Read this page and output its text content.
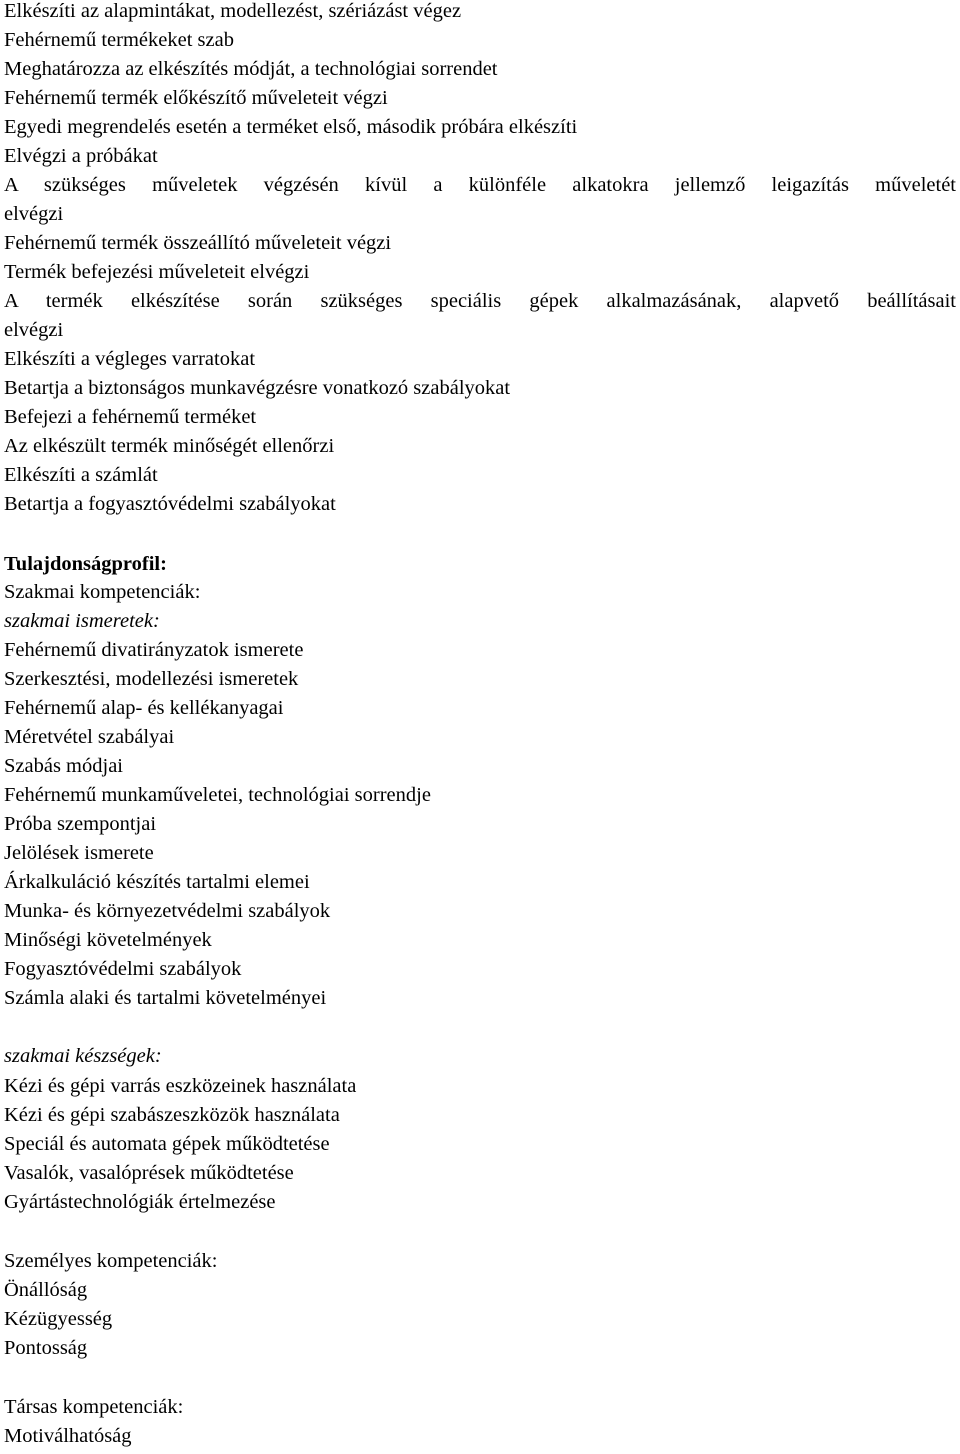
Elkészíti az alapmintákat, modellezést, szériázást végez
Fehérnemű termékeket szab
Meghatározza az elkészítés módját, a technológiai sorrendet
Fehérnemű termék előkészítő műveleteit végzi
Egyedi megrendelés esetén a terméket első, második próbára elkészíti
Elvégzi a próbákat
A szükséges műveletek végzésén kívül a különféle alkatokra jellemző leigazítás műveletét
elvégzi
Fehérnemű termék összeállító műveleteit végzi
Termék befejezési műveleteit elvégzi
A termék elkészítése során szükséges speciális gépek alkalmazásának, alapvető beállításait
elvégzi
Elkészíti a végleges varratokat
Betartja a biztonságos munkavégzésre vonatkozó szabályokat
Befejezi a fehérnemű terméket
Az elkészült termék minőségét ellenőrzi
Elkészíti a számlát
Betartja a fogyasztóvédelmi szabályokat
Tulajdonságprofil:
Szakmai kompetenciák:
szakmai ismeretek:
Fehérnemű divatirányzatok ismerete
Szerkesztési, modellezési ismeretek
Fehérnemű alap- és kellékanyagai
Méretvétel szabályai
Szabás módjai
Fehérnemű munkaműveletei, technológiai sorrendje
Próba szempontjai
Jelölések ismerete
Árkalkuláció készítés tartalmi elemei
Munka- és környezetvédelmi szabályok
Minőségi követelmények
Fogyasztóvédelmi szabályok
Számla alaki és tartalmi követelményei
szakmai készségek:
Kézi és gépi varrás eszközeinek használata
Kézi és gépi szabászeszközök használata
Speciál és automata gépek működtetése
Vasalók, vasalóprések működtetése
Gyártástechnológiák értelmezése
Személyes kompetenciák:
Önállóság
Kézügyesség
Pontosság
Társas kompetenciák:
Motiválhatóság
